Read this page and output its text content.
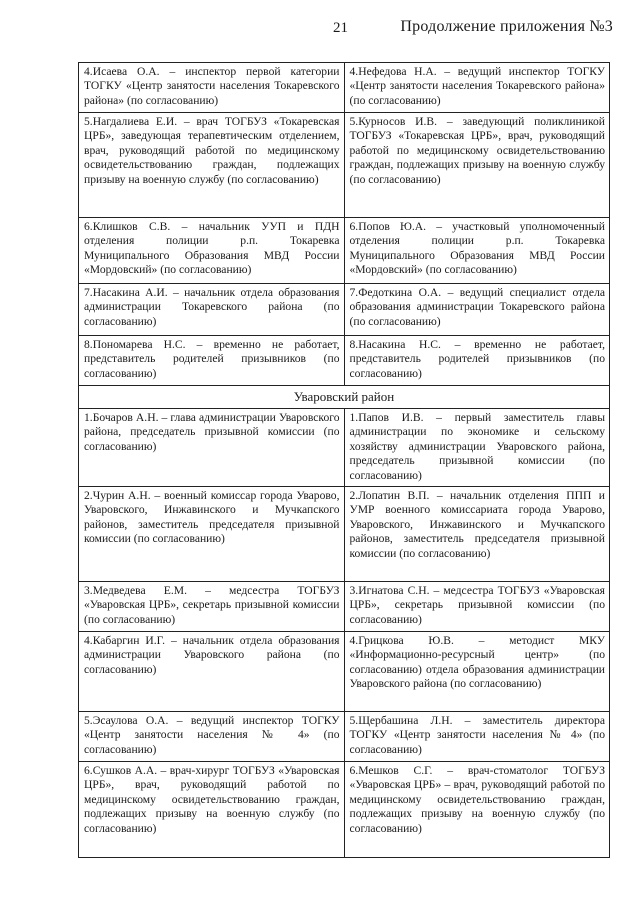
21	Продолжение приложения №3
4.Исаева О.А. – инспектор первой категории ТОГКУ «Центр занятости населения Токаревского района» (по согласованию)	4.Нефедова Н.А. – ведущий инспектор ТОГКУ «Центр занятости населения Токаревского района» (по согласованию)
5.Нагдалиева Е.И. – врач ТОГБУЗ «Токаревская ЦРБ», заведующая терапевтическим отделением, врач, руководящий работой по медицинскому освидетельствованию граждан, подлежащих призыву на военную службу (по согласованию)	5.Курносов И.В. – заведующий поликлиникой ТОГБУЗ «Токаревская ЦРБ», врач, руководящий работой по медицинскому освидетельствованию граждан, подлежащих призыву на военную службу (по согласованию)
6.Клишков С.В. – начальник УУП и ПДН отделения полиции р.п. Токаревка Муниципального Образования МВД России «Мордовский» (по согласованию)	6.Попов Ю.А. – участковый уполномоченный отделения полиции р.п. Токаревка Муниципального Образования МВД России «Мордовский» (по согласованию)
7.Насакина А.И. – начальник отдела образования администрации Токаревского района (по согласованию)	7.Федоткина О.А. – ведущий специалист отдела образования администрации Токаревского района (по согласованию)
8.Пономарева Н.С. – временно не работает, представитель родителей призывников (по согласованию)	8.Насакина Н.С. – временно не работает, представитель родителей призывников (по согласованию)
Уваровский район	
1.Бочаров А.Н. – глава администрации Уваровского района, председатель призывной комиссии (по согласованию)	1.Папов И.В. – первый заместитель главы администрации по экономике и сельскому хозяйству администрации Уваровского района, председатель призывной комиссии (по согласованию)
2.Чурин А.Н. – военный комиссар города Уварово, Уваровского, Инжавинского и Мучкапского районов, заместитель председателя призывной комиссии (по согласованию)	2.Лопатин В.П. – начальник отделения ППП и УМР военного комиссариата города Уварово, Уваровского, Инжавинского и Мучкапского районов, заместитель председателя призывной комиссии (по согласованию)
3.Медведева Е.М. – медсестра ТОГБУЗ «Уваровская ЦРБ», секретарь призывной комиссии (по согласованию)	3.Игнатова С.Н. – медсестра ТОГБУЗ «Уваровская ЦРБ», секретарь призывной комиссии (по согласованию)
4.Кабаргин И.Г. – начальник отдела образования администрации Уваровского района (по согласованию)	4.Грицкова Ю.В. – методист МКУ «Информационно-ресурсный центр» (по согласованию) отдела образования администрации Уваровского района (по согласованию)
5.Эсаулова О.А. – ведущий инспектор ТОГКУ «Центр занятости населения № 4» (по согласованию)	5.Щербашина Л.Н. – заместитель директора ТОГКУ «Центр занятости населения № 4» (по согласованию)
6.Сушков А.А. – врач-хирург ТОГБУЗ «Уваровская ЦРБ», врач, руководящий работой по медицинскому освидетельствованию граждан, подлежащих призыву на военную службу (по согласованию)	6.Мешков С.Г. – врач-стоматолог ТОГБУЗ «Уваровская ЦРБ» – врач, руководящий работой по медицинскому освидетельствованию граждан, подлежащих призыву на военную службу (по согласованию)
